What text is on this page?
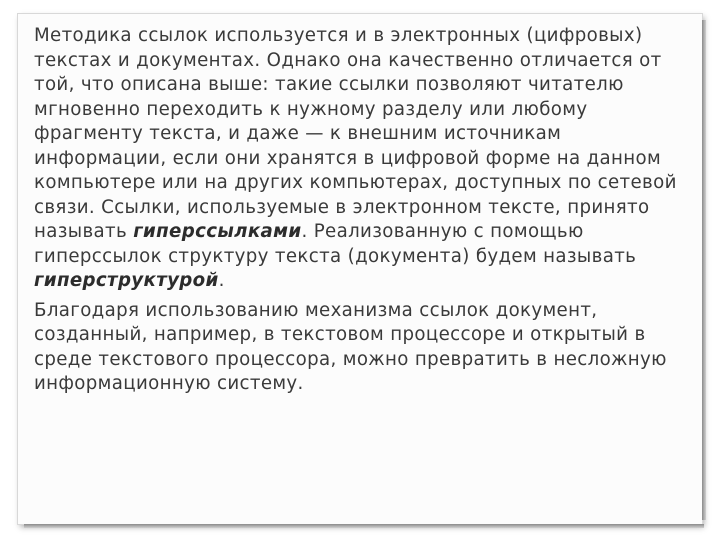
Методика ссылок используется и в электронных (цифровых) текстах и документах. Однако она качественно отличается от той, что описана выше: такие ссылки позволяют читателю мгновенно переходить к нужному разделу или любому фрагменту текста, и даже — к внешним источникам информации, если они хранятся в цифровой форме на данном компьютере или на других компьютерах, доступных по сетевой связи. Ссылки, используемые в электронном тексте, принято называть гиперссылками. Реализованную с помощью гиперссылок структуру текста (документа) будем называть гиперструктурой.

Благодаря использованию механизма ссылок документ, созданный, например, в текстовом процессоре и открытый в среде текстового процессора, можно превратить в несложную информационную систему.
